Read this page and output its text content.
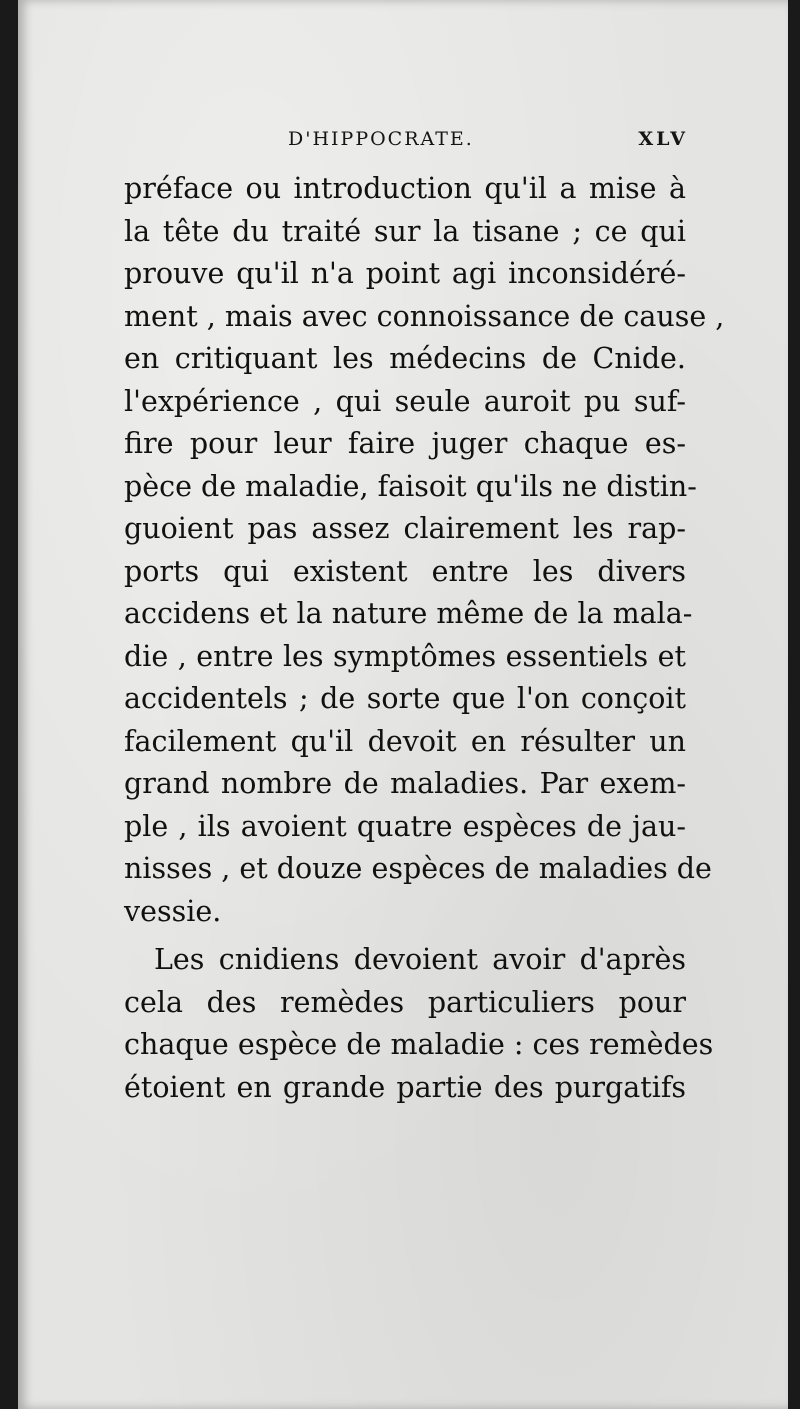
D'HIPPOCRATE.	XLV
préface ou introduction qu'il a mise à
la tête du traité sur la tisane ; ce qui
prouve qu'il n'a point agi inconsidéré-
ment , mais avec connoissance de cause ,
en critiquant les médecins de Cnide.
l'expérience , qui seule auroit pu suf-
fire pour leur faire juger chaque es-
pèce de maladie, faisoit qu'ils ne distin-
guoient pas assez clairement les rap-
ports qui existent entre les divers
accidens et la nature même de la mala-
die , entre les symptômes essentiels et
accidentels ; de sorte que l'on conçoit
facilement qu'il devoit en résulter un
grand nombre de maladies. Par exem-
ple , ils avoient quatre espèces de jau-
nisses , et douze espèces de maladies de
vessie.
Les cnidiens devoient avoir d'après
cela des remèdes particuliers pour
chaque espèce de maladie : ces remèdes
étoient en grande partie des purgatifs
